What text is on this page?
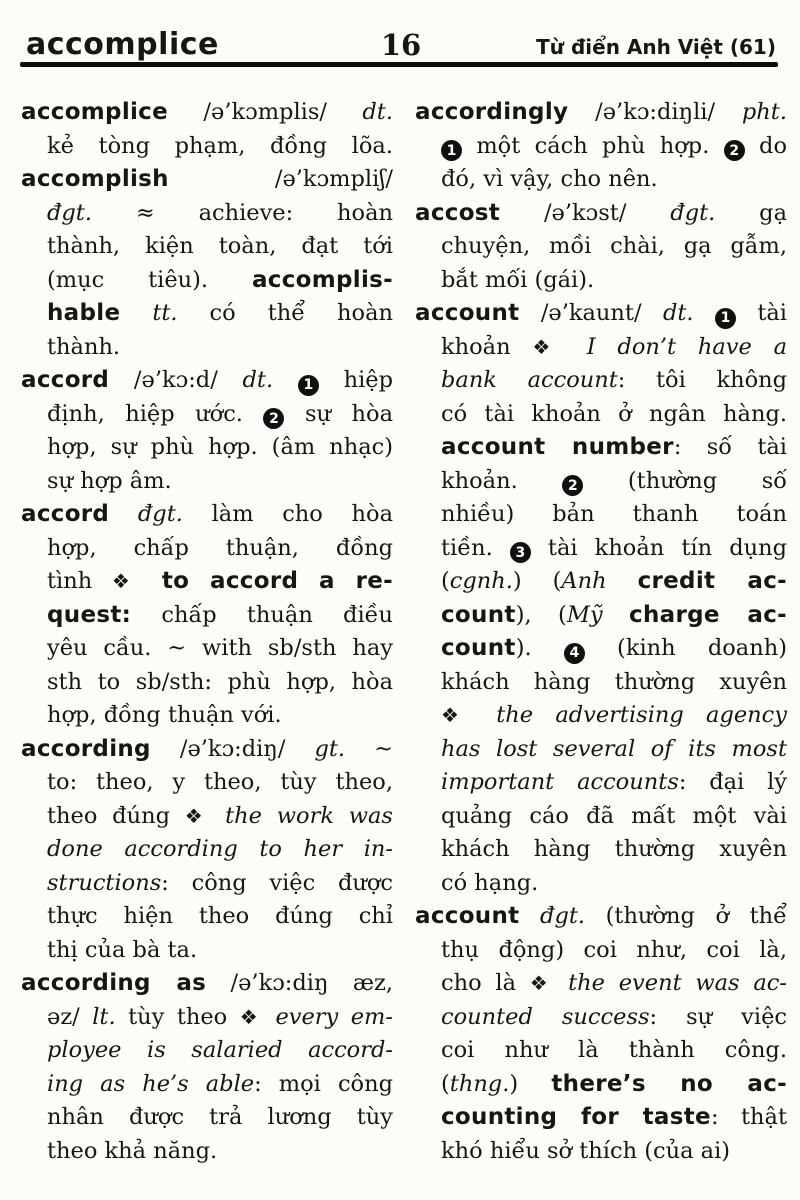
accomplice	16	Từ điển Anh Việt (61)
accomplice /ə’kɔmplis/ dt.
kẻ tòng phạm, đồng lõa.
accomplish /ə’kɔmpliʃ/
đgt. ≈ achieve: hoàn
thành, kiện toàn, đạt tới
(mục tiêu). accomplis-
hable tt. có thể hoàn
thành.
accord /ə’kɔ:d/ dt. 1 hiệp
định, hiệp ước. 2 sự hòa
hợp, sự phù hợp. (âm nhạc)
sự hợp âm.
accord đgt. làm cho hòa
hợp, chấp thuận, đồng
tình ❖ to accord a re-
quest: chấp thuận điều
yêu cầu. ~ with sb/sth hay
sth to sb/sth: phù hợp, hòa
hợp, đồng thuận với.
according /ə’kɔ:diŋ/ gt. ~
to: theo, y theo, tùy theo,
theo đúng ❖ the work was
done according to her in-
structions: công việc được
thực hiện theo đúng chỉ
thị của bà ta.
according as /ə’kɔ:diŋ æz,
əz/ lt. tùy theo ❖ every em-
ployee is salaried accord-
ing as he’s able: mọi công
nhân được trả lương tùy
theo khả năng.
accordingly /ə’kɔ:diŋli/ pht.
1 một cách phù hợp. 2 do
đó, vì vậy, cho nên.
accost /ə’kɔst/ đgt. gạ
chuyện, mồi chài, gạ gẫm,
bắt mối (gái).
account /ə’kaunt/ dt. 1 tài
khoản ❖ I don’t have a
bank account: tôi không
có tài khoản ở ngân hàng.
account number: số tài
khoản. 2 (thường số
nhiều) bản thanh toán
tiền. 3 tài khoản tín dụng
(cgnh.) (Anh credit ac-
count), (Mỹ charge ac-
count). 4 (kinh doanh)
khách hàng thường xuyên
❖ the advertising agency
has lost several of its most
important accounts: đại lý
quảng cáo đã mất một vài
khách hàng thường xuyên
có hạng.
account đgt. (thường ở thể
thụ động) coi như, coi là,
cho là ❖ the event was ac-
counted success: sự việc
coi như là thành công.
(thng.) there’s no ac-
counting for taste: thật
khó hiểu sở thích (của ai)
